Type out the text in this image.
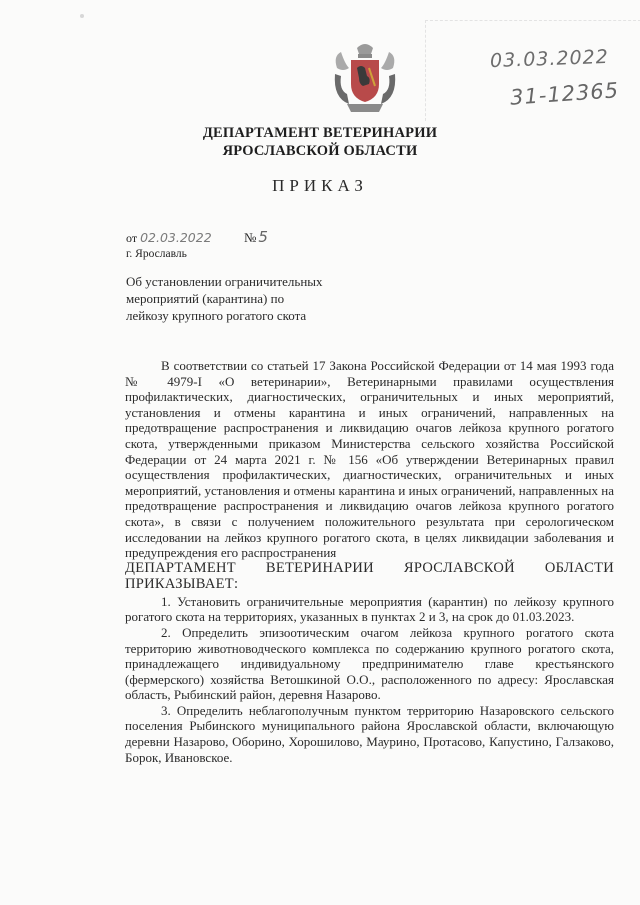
03.03.2022
31-12365
ДЕПАРТАМЕНТ ВЕТЕРИНАРИИ
ЯРОСЛАВСКОЙ ОБЛАСТИ
ПРИКАЗ
от 02.03.2022 № 5
г. Ярославль
Об установлении ограничительных
мероприятий (карантина) по
лейкозу крупного рогатого скота

В соответствии со статьей 17 Закона Российской Федерации от 14 мая 1993 года № 4979-I «О ветеринарии», Ветеринарными правилами осуществления профилактических, диагностических, ограничительных и иных мероприятий, установления и отмены карантина и иных ограничений, направленных на предотвращение распространения и ликвидацию очагов лейкоза крупного рогатого скота, утвержденными приказом Министерства сельского хозяйства Российской Федерации от 24 марта 2021 г. № 156 «Об утверждении Ветеринарных правил осуществления профилактических, диагностических, ограничительных и иных мероприятий, установления и отмены карантина и иных ограничений, направленных на предотвращение распространения и ликвидацию очагов лейкоза крупного рогатого скота», в связи с получением положительного результата при серологическом исследовании на лейкоз крупного рогатого скота, в целях ликвидации заболевания и предупреждения его распространения

ДЕПАРТАМЕНТ ВЕТЕРИНАРИИ ЯРОСЛАВСКОЙ ОБЛАСТИ

ПРИКАЗЫВАЕТ:

1. Установить ограничительные мероприятия (карантин) по лейкозу крупного рогатого скота на территориях, указанных в пунктах 2 и 3, на срок до 01.03.2023.

2. Определить эпизоотическим очагом лейкоза крупного рогатого скота территорию животноводческого комплекса по содержанию крупного рогатого скота, принадлежащего индивидуальному предпринимателю главе крестьянского (фермерского) хозяйства Ветошкиной О.О., расположенного по адресу: Ярославская область, Рыбинский район, деревня Назарово.

3. Определить неблагополучным пунктом территорию Назаровского сельского поселения Рыбинского муниципального района Ярославской области, включающую деревни Назарово, Оборино, Хорошилово, Маурино, Протасово, Капустино, Галзаково, Борок, Ивановское.
